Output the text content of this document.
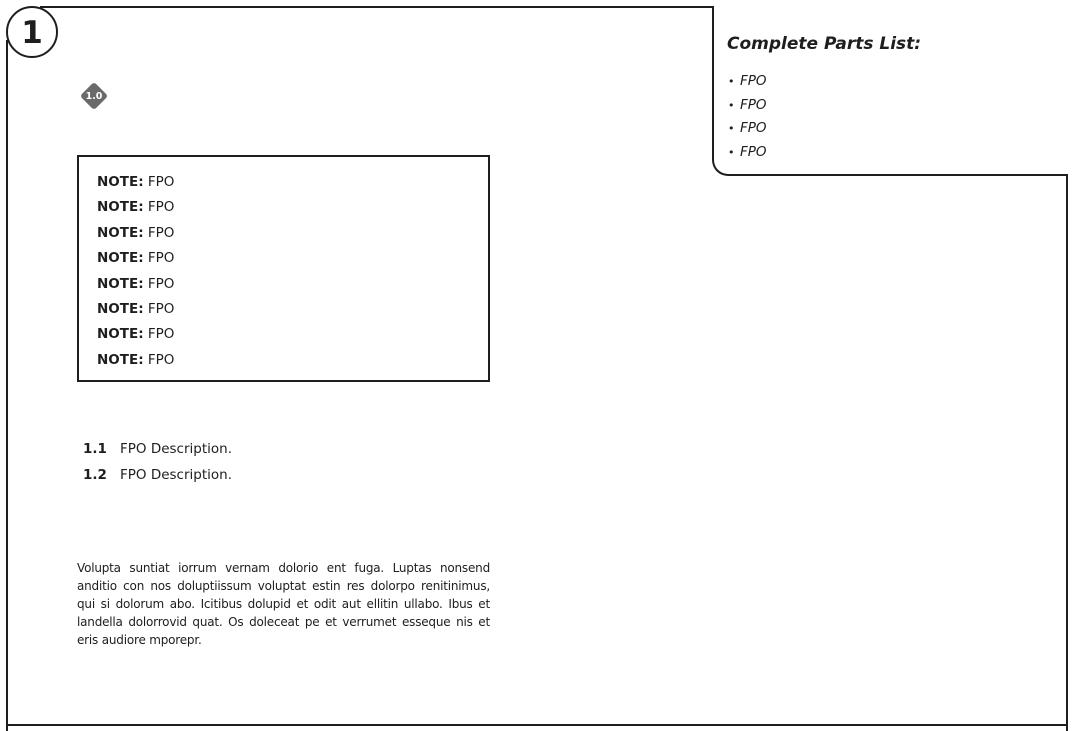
1	Complete Parts List:
• FPO
• FPO
• FPO
• FPO
1.0
NOTE: FPO
NOTE: FPO
NOTE: FPO
NOTE: FPO
NOTE: FPO
NOTE: FPO
NOTE: FPO
NOTE: FPO
1.1 FPO Description.
1.2 FPO Description.
Volupta suntiat iorrum vernam dolorio ent fuga. Luptas nonsend anditio con nos doluptiissum voluptat estin res dolorpo renitinimus, qui si dolorum abo. Icitibus dolupid et odit aut ellitin ullabo. Ibus et landella dolorrovid quat. Os doleceat pe et verrumet esseque nis et eris audiore mporepr.
